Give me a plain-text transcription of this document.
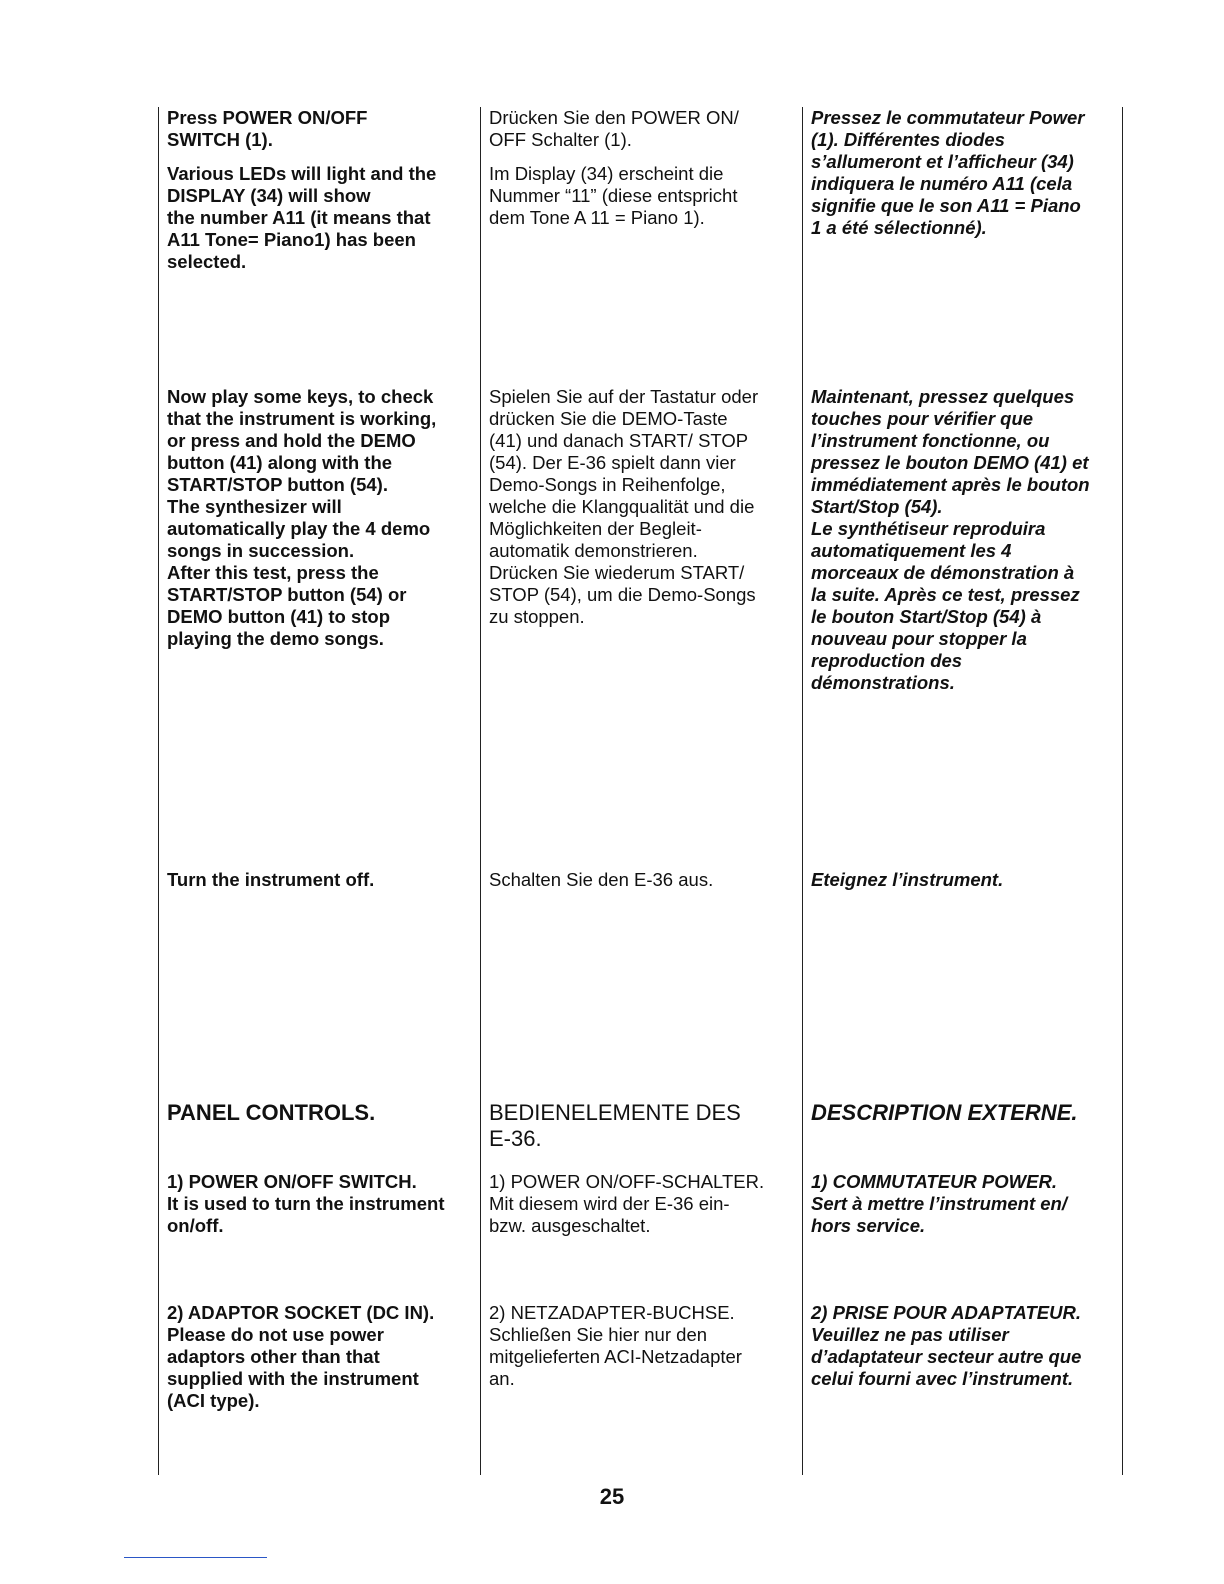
Press POWER ON/OFF
SWITCH (1).

Various LEDs will light and the
DISPLAY (34) will show
the number A11 (it means that
A11 Tone= Piano1) has been
selected.

Now play some keys, to check
that the instrument is working,
or press and hold the DEMO
button (41) along with the
START/STOP button (54).
The synthesizer will
automatically play the 4 demo
songs in succession.
After this test, press the
START/STOP button (54) or
DEMO button (41) to stop
playing the demo songs.

Turn the instrument off.

PANEL CONTROLS.

1) POWER ON/OFF SWITCH.
It is used to turn the instrument
on/off.

2) ADAPTOR SOCKET (DC IN).
Please do not use power
adaptors other than that
supplied with the instrument
(ACI type).

Drücken Sie den POWER ON/
OFF Schalter (1).

Im Display (34) erscheint die
Nummer “11” (diese entspricht
dem Tone A 11 = Piano 1).

Spielen Sie auf der Tastatur oder
drücken Sie die DEMO-Taste
(41) und danach START/ STOP
(54). Der E-36 spielt dann vier
Demo-Songs in Reihenfolge,
welche die Klangqualität und die
Möglichkeiten der Begleit-
automatik demonstrieren.
Drücken Sie wiederum START/
STOP (54), um die Demo-Songs
zu stoppen.

Schalten Sie den E-36 aus.

BEDIENELEMENTE DES
E-36.

1) POWER ON/OFF-SCHALTER.
Mit diesem wird der E-36 ein-
bzw. ausgeschaltet.

2) NETZADAPTER-BUCHSE.
Schließen Sie hier nur den
mitgelieferten ACI-Netzadapter
an.

Pressez le commutateur Power
(1). Différentes diodes
s’allumeront et l’afficheur (34)
indiquera le numéro A11 (cela
signifie que le son A11 = Piano
1 a été sélectionné).

Maintenant, pressez quelques
touches pour vérifier que
l’instrument fonctionne, ou
pressez le bouton DEMO (41) et
immédiatement après le bouton
Start/Stop (54).
Le synthétiseur reproduira
automatiquement les 4
morceaux de démonstration à
la suite. Après ce test, pressez
le bouton Start/Stop (54) à
nouveau pour stopper la
reproduction des
démonstrations.

Eteignez l’instrument.

DESCRIPTION EXTERNE.

1) COMMUTATEUR POWER.
Sert à mettre l’instrument en/
hors service.

2) PRISE POUR ADAPTATEUR.
Veuillez ne pas utiliser
d’adaptateur secteur autre que
celui fourni avec l’instrument.

25
